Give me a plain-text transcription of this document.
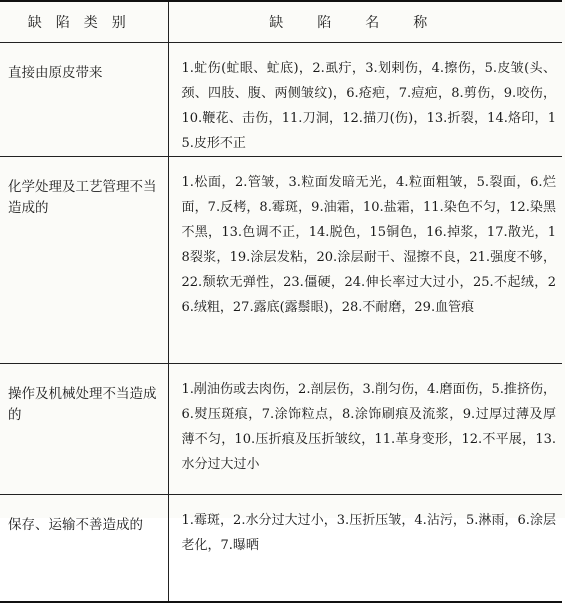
缺陷类别	缺陷名称
直接由原皮带来	1.虻伤(虻眼、虻底)，2.虱疔，3.划剌伤，4.擦伤，5.皮皱(头、颈、四肢、腹、两侧皱纹)，6.疮疤，7.痘疤，8.剪伤，9.咬伤，10.鞭花、击伤，11.刀洞，12.描刀(伤)，13.折裂，14.烙印，15.皮形不正
化学处理及工艺管理不当造成的	1.松面，2.管皱，3.粒面发暗无光，4.粒面粗皱，5.裂面，6.烂面，7.反栲，8.霉斑，9.油霜，10.盐霜，11.染色不匀，12.染黑不黑，13.色调不正，14.脱色，15铜色，16.掉浆，17.散光，18裂浆，19.涂层发粘，20.涂层耐干、湿擦不良，21.强度不够，22.颓软无弹性，23.僵硬，24.伸长率过大过小，25.不起绒，26.绒粗，27.露底(露鬃眼)，28.不耐磨，29.血管痕
操作及机械处理不当造成的	1.剐油伤或去肉伤，2.剖层伤，3.削匀伤，4.磨面伤，5.推挤伤，6.熨压斑痕，7.涂饰粒点，8.涂饰刷痕及流浆，9.过厚过薄及厚薄不匀，10.压折痕及压折皱纹，11.革身变形，12.不平展，13.水分过大过小
保存、运输不善造成的	1.霉斑，2.水分过大过小，3.压折压皱，4.沾污，5.淋雨，6.涂层老化，7.曝晒
